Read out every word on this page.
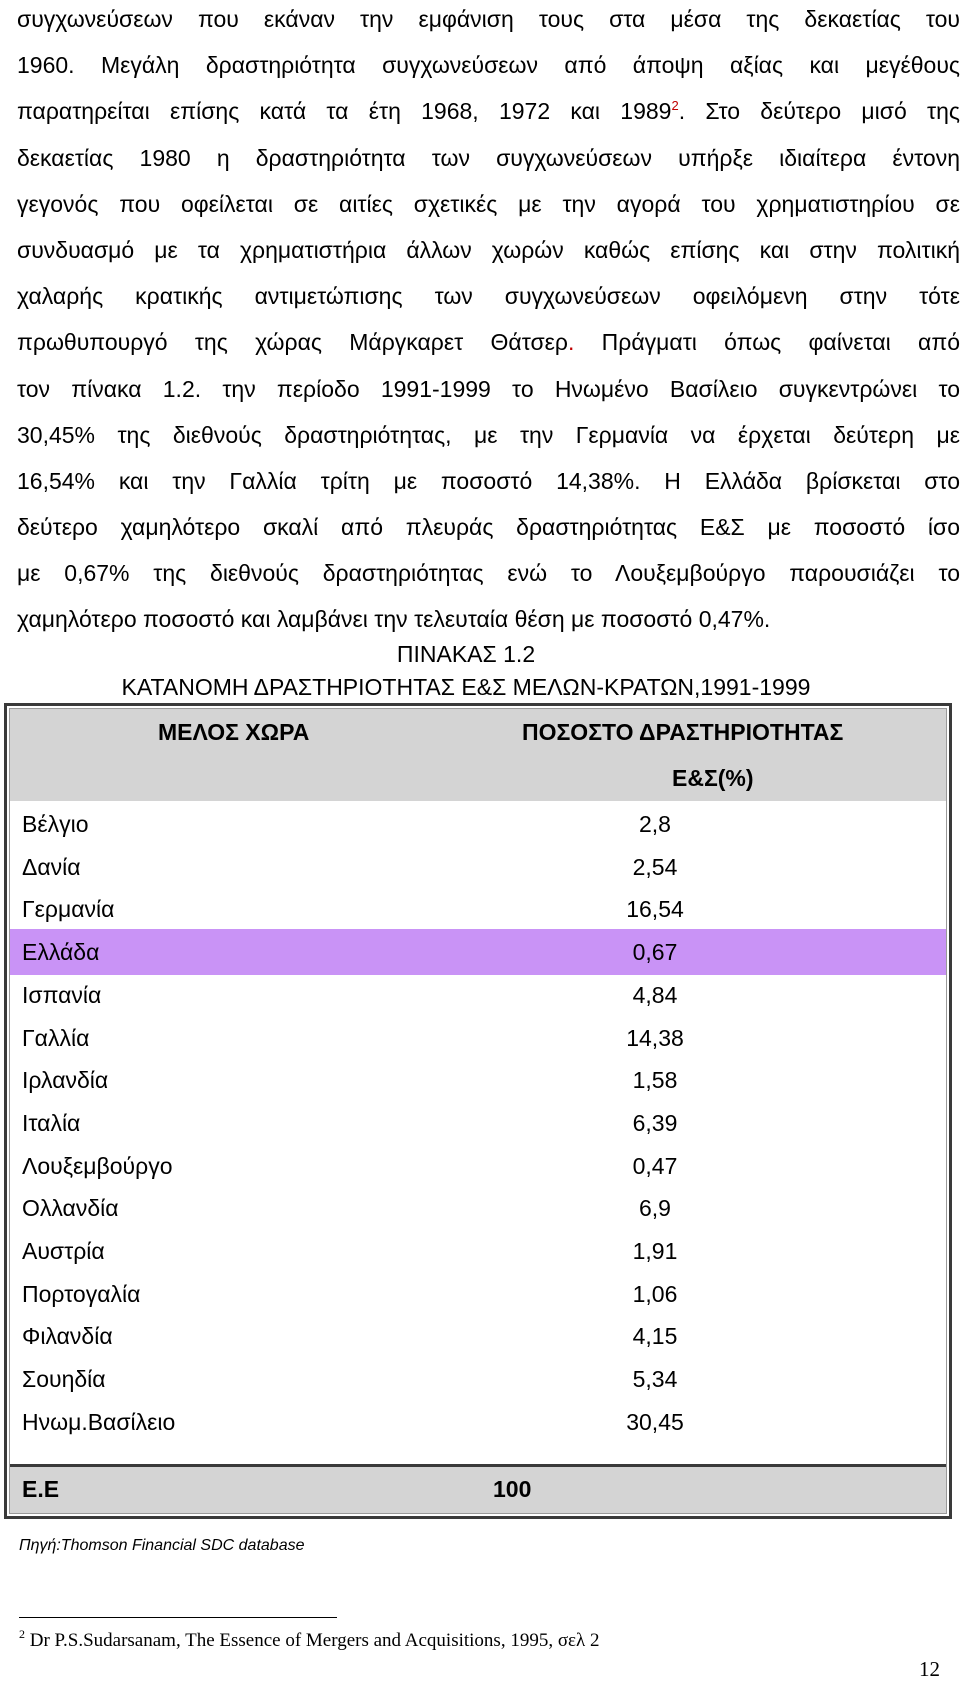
συγχωνεύσεων που εκάναν την εμφάνιση τους στα μέσα της δεκαετίας του
1960. Μεγάλη δραστηριότητα συγχωνεύσεων από άποψη αξίας και μεγέθους
παρατηρείται επίσης κατά τα έτη 1968, 1972 και 1989$^2$. Στο δεύτερο μισό της
δεκαετίας 1980 η δραστηριότητα των συγχωνεύσεων υπήρξε ιδιαίτερα έντονη
γεγονός που οφείλεται σε αιτίες σχετικές με την αγορά του χρηματιστηρίου σε
συνδυασμό με τα χρηματιστήρια άλλων χωρών καθώς επίσης και στην πολιτική
χαλαρής κρατικής αντιμετώπισης των συγχωνεύσεων οφειλόμενη στην τότε
πρωθυπουργό της χώρας Μάργκαρετ Θάτσερ. Πράγματι όπως φαίνεται από
τον πίνακα 1.2. την περίοδο 1991-1999 το Ηνωμένο Βασίλειο συγκεντρώνει το
30,45% της διεθνούς δραστηριότητας, με την Γερμανία να έρχεται δεύτερη με
16,54% και την Γαλλία τρίτη με ποσοστό 14,38%. Η Ελλάδα βρίσκεται στο
δεύτερο χαμηλότερο σκαλί από πλευράς δραστηριότητας Ε&Σ με ποσοστό ίσο
με 0,67% της διεθνούς δραστηριότητας ενώ το Λουξεμβούργο παρουσιάζει το
χαμηλότερο ποσοστό και λαμβάνει την τελευταία θέση με ποσοστό 0,47%.
ΠΙΝΑΚΑΣ 1.2
ΚΑΤΑΝΟΜΗ ΔΡΑΣΤΗΡΙΟΤΗΤΑΣ Ε&Σ ΜΕΛΩΝ-ΚΡΑΤΩΝ,1991-1999
ΜΕΛΟΣ ΧΩΡΑ	ΠΟΣΟΣΤΟ ΔΡΑΣΤΗΡΙΟΤΗΤΑΣ
Ε&Σ(%)
Βέλγιο	2,8
Δανία	2,54
Γερμανία	16,54
Ελλάδα	0,67
Ισπανία	4,84
Γαλλία	14,38
Ιρλανδία	1,58
Ιταλία	6,39
Λουξεμβούργο	0,47
Ολλανδία	6,9
Αυστρία	1,91
Πορτογαλία	1,06
Φιλανδία	4,15
Σουηδία	5,34
Ηνωμ.Βασίλειο	30,45
Ε.Ε	100
Πηγή:Thomson Financial SDC database
$^2$ Dr P.S.Sudarsanam, The Essence of Mergers and Acquisitions, 1995, σελ 2
12
